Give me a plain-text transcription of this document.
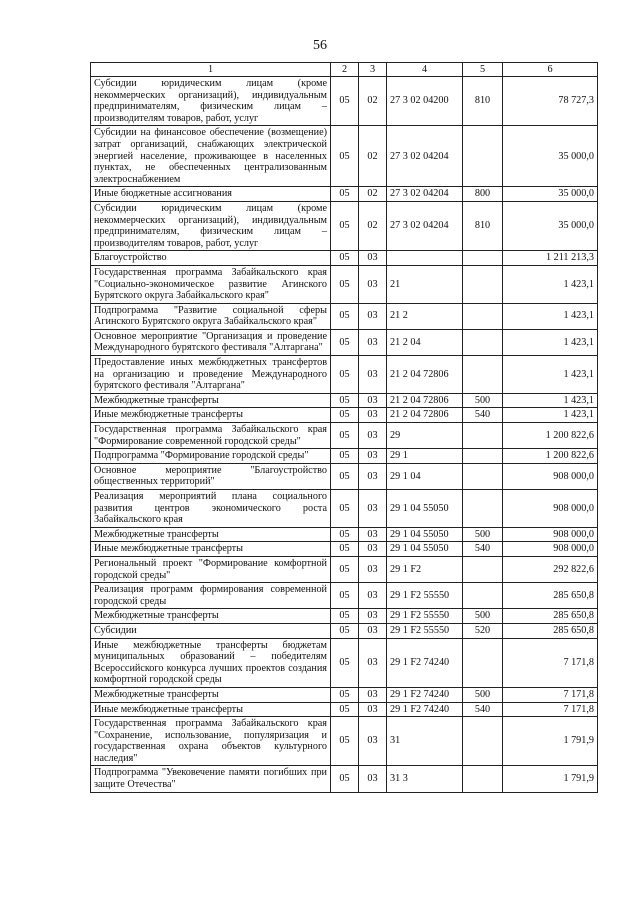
56
1	2	3	4	5	6
Субсидии юридическим лицам (кроме некоммерческих организаций), индивидуальным предпринимателям, физическим лицам – производителям товаров, работ, услуг	05	02	27 3 02 04200	810	78 727,3
Субсидии на финансовое обеспечение (возмещение) затрат организаций, снабжающих электрической энергией население, проживающее в населенных пунктах, не обеспеченных централизованным электроснабжением	05	02	27 3 02 04204		35 000,0
Иные бюджетные ассигнования	05	02	27 3 02 04204	800	35 000,0
Субсидии юридическим лицам (кроме некоммерческих организаций), индивидуальным предпринимателям, физическим лицам – производителям товаров, работ, услуг	05	02	27 3 02 04204	810	35 000,0
Благоустройство	05	03			1 211 213,3
Государственная программа Забайкальского края "Социально-экономическое развитие Агинского Бурятского округа Забайкальского края"	05	03	21		1 423,1
Подпрограмма "Развитие социальной сферы Агинского Бурятского округа Забайкальского края"	05	03	21 2		1 423,1
Основное мероприятие "Организация и проведение Международного бурятского фестиваля "Алтаргана"	05	03	21 2 04		1 423,1
Предоставление иных межбюджетных трансфертов на организацию и проведение Международного бурятского фестиваля "Алтаргана"	05	03	21 2 04 72806		1 423,1
Межбюджетные трансферты	05	03	21 2 04 72806	500	1 423,1
Иные межбюджетные трансферты	05	03	21 2 04 72806	540	1 423,1
Государственная программа Забайкальского края "Формирование современной городской среды"	05	03	29		1 200 822,6
Подпрограмма "Формирование городской среды"	05	03	29 1		1 200 822,6
Основное мероприятие "Благоустройство общественных территорий"	05	03	29 1 04		908 000,0
Реализация мероприятий плана социального развития центров экономического роста Забайкальского края	05	03	29 1 04 55050		908 000,0
Межбюджетные трансферты	05	03	29 1 04 55050	500	908 000,0
Иные межбюджетные трансферты	05	03	29 1 04 55050	540	908 000,0
Региональный проект "Формирование комфортной городской среды"	05	03	29 1 F2		292 822,6
Реализация программ формирования современной городской среды	05	03	29 1 F2 55550		285 650,8
Межбюджетные трансферты	05	03	29 1 F2 55550	500	285 650,8
Субсидии	05	03	29 1 F2 55550	520	285 650,8
Иные межбюджетные трансферты бюджетам муниципальных образований – победителям Всероссийского конкурса лучших проектов создания комфортной городской среды	05	03	29 1 F2 74240		7 171,8
Межбюджетные трансферты	05	03	29 1 F2 74240	500	7 171,8
Иные межбюджетные трансферты	05	03	29 1 F2 74240	540	7 171,8
Государственная программа Забайкальского края "Сохранение, использование, популяризация и государственная охрана объектов культурного наследия"	05	03	31		1 791,9
Подпрограмма "Увековечение памяти погибших при защите Отечества"	05	03	31 3		1 791,9
